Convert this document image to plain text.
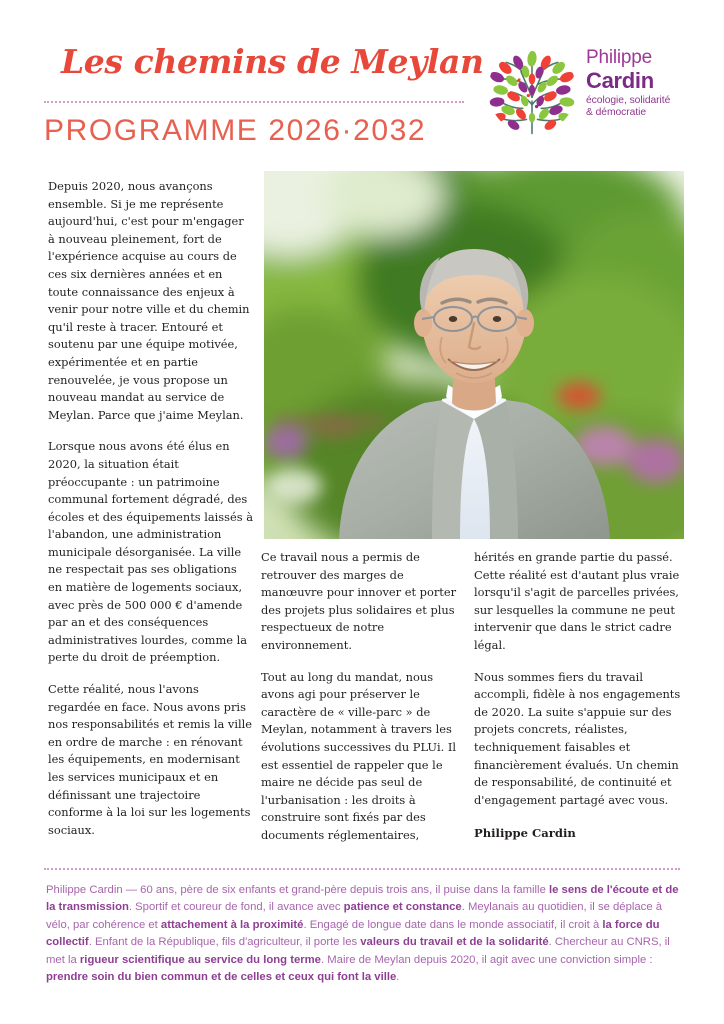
Les chemins de Meylan
PROGRAMME 2026·2032
Philippe
Cardin
écologie, solidarité
& démocratie

Depuis 2020, nous avançons ensemble. Si je me représente aujourd'hui, c'est pour m'engager à nouveau pleinement, fort de l'expérience acquise au cours de ces six dernières années et en toute connaissance des enjeux à venir pour notre ville et du chemin qu'il reste à tracer. Entouré et soutenu par une équipe motivée, expérimentée et en partie renouvelée, je vous propose un nouveau mandat au service de Meylan. Parce que j'aime Meylan.

Lorsque nous avons été élus en 2020, la situation était préoccupante : un patrimoine communal fortement dégradé, des écoles et des équipements laissés à l'abandon, une administration municipale désorganisée. La ville ne respectait pas ses obligations en matière de logements sociaux, avec près de 500 000 € d'amende par an et des conséquences administratives lourdes, comme la perte du droit de préemption.

Cette réalité, nous l'avons regardée en face. Nous avons pris nos responsabilités et remis la ville en ordre de marche : en rénovant les équipements, en modernisant les services municipaux et en définissant une trajectoire conforme à la loi sur les logements sociaux.

Ce travail nous a permis de retrouver des marges de manœuvre pour innover et porter des projets plus solidaires et plus respectueux de notre environnement.

Tout au long du mandat, nous avons agi pour préserver le caractère de « ville-parc » de Meylan, notamment à travers les évolutions successives du PLUi. Il est essentiel de rappeler que le maire ne décide pas seul de l'urbanisation : les droits à construire sont fixés par des documents réglementaires,

hérités en grande partie du passé. Cette réalité est d'autant plus vraie lorsqu'il s'agit de parcelles privées, sur lesquelles la commune ne peut intervenir que dans le strict cadre légal.

Nous sommes fiers du travail accompli, fidèle à nos engagements de 2020. La suite s'appuie sur des projets concrets, réalistes, techniquement faisables et financièrement évalués. Un chemin de responsabilité, de continuité et d'engagement partagé avec vous.

Philippe Cardin
Philippe Cardin — 60 ans, père de six enfants et grand-père depuis trois ans, il puise dans la famille le sens de l'écoute et de la transmission. Sportif et coureur de fond, il avance avec patience et constance. Meylanais au quotidien, il se déplace à vélo, par cohérence et attachement à la proximité. Engagé de longue date dans le monde associatif, il croit à la force du collectif. Enfant de la République, fils d'agriculteur, il porte les valeurs du travail et de la solidarité. Chercheur au CNRS, il met la rigueur scientifique au service du long terme. Maire de Meylan depuis 2020, il agit avec une conviction simple : prendre soin du bien commun et de celles et ceux qui font la ville.
